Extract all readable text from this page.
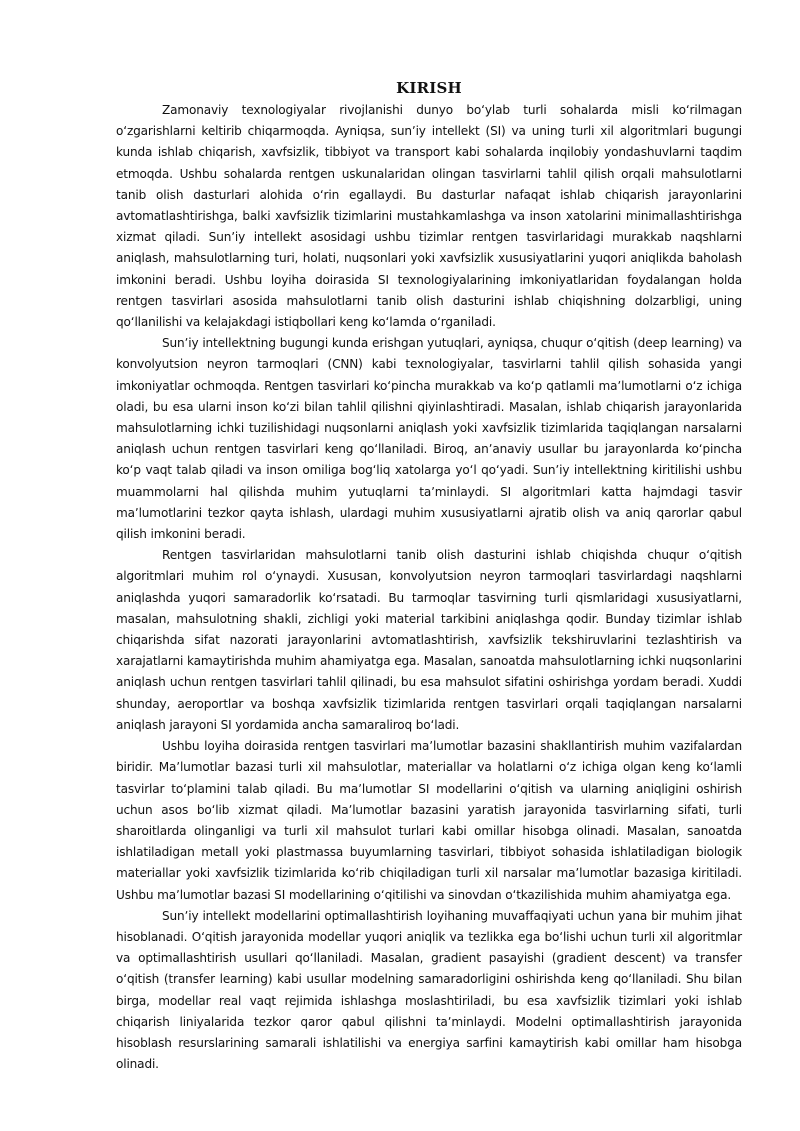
KIRISH

Zamonaviy texnologiyalar rivojlanishi dunyo boʻylab turli sohalarda misli koʻrilmagan oʻzgarishlarni keltirib chiqarmoqda. Ayniqsa, sunʼiy intellekt (SI) va uning turli xil algoritmlari bugungi kunda ishlab chiqarish, xavfsizlik, tibbiyot va transport kabi sohalarda inqilobiy yondashuvlarni taqdim etmoqda. Ushbu sohalarda rentgen uskunalaridan olingan tasvirlarni tahlil qilish orqali mahsulotlarni tanib olish dasturlari alohida oʻrin egallaydi. Bu dasturlar nafaqat ishlab chiqarish jarayonlarini avtomatlashtirishga, balki xavfsizlik tizimlarini mustahkamlashga va inson xatolarini minimallashtirishga xizmat qiladi. Sunʼiy intellekt asosidagi ushbu tizimlar rentgen tasvirlaridagi murakkab naqshlarni aniqlash, mahsulotlarning turi, holati, nuqsonlari yoki xavfsizlik xususiyatlarini yuqori aniqlikda baholash imkonini beradi. Ushbu loyiha doirasida SI texnologiyalarining imkoniyatlaridan foydalangan holda rentgen tasvirlari asosida mahsulotlarni tanib olish dasturini ishlab chiqishning dolzarbligi, uning qoʻllanilishi va kelajakdagi istiqbollari keng koʻlamda oʻrganiladi.

Sunʼiy intellektning bugungi kunda erishgan yutuqlari, ayniqsa, chuqur oʻqitish (deep learning) va konvolyutsion neyron tarmoqlari (CNN) kabi texnologiyalar, tasvirlarni tahlil qilish sohasida yangi imkoniyatlar ochmoqda. Rentgen tasvirlari koʻpincha murakkab va koʻp qatlamli maʼlumotlarni oʻz ichiga oladi, bu esa ularni inson koʻzi bilan tahlil qilishni qiyinlashtiradi. Masalan, ishlab chiqarish jarayonlarida mahsulotlarning ichki tuzilishidagi nuqsonlarni aniqlash yoki xavfsizlik tizimlarida taqiqlangan narsalarni aniqlash uchun rentgen tasvirlari keng qoʻllaniladi. Biroq, anʼanaviy usullar bu jarayonlarda koʻpincha koʻp vaqt talab qiladi va inson omiliga bogʻliq xatolarga yoʻl qoʻyadi. Sunʼiy intellektning kiritilishi ushbu muammolarni hal qilishda muhim yutuqlarni taʼminlaydi. SI algoritmlari katta hajmdagi tasvir maʼlumotlarini tezkor qayta ishlash, ulardagi muhim xususiyatlarni ajratib olish va aniq qarorlar qabul qilish imkonini beradi.

Rentgen tasvirlaridan mahsulotlarni tanib olish dasturini ishlab chiqishda chuqur oʻqitish algoritmlari muhim rol oʻynaydi. Xususan, konvolyutsion neyron tarmoqlari tasvirlardagi naqshlarni aniqlashda yuqori samaradorlik koʻrsatadi. Bu tarmoqlar tasvirning turli qismlaridagi xususiyatlarni, masalan, mahsulotning shakli, zichligi yoki material tarkibini aniqlashga qodir. Bunday tizimlar ishlab chiqarishda sifat nazorati jarayonlarini avtomatlashtirish, xavfsizlik tekshiruvlarini tezlashtirish va xarajatlarni kamaytirishda muhim ahamiyatga ega. Masalan, sanoatda mahsulotlarning ichki nuqsonlarini aniqlash uchun rentgen tasvirlari tahlil qilinadi, bu esa mahsulot sifatini oshirishga yordam beradi. Xuddi shunday, aeroportlar va boshqa xavfsizlik tizimlarida rentgen tasvirlari orqali taqiqlangan narsalarni aniqlash jarayoni SI yordamida ancha samaraliroq boʻladi.

Ushbu loyiha doirasida rentgen tasvirlari maʼlumotlar bazasini shakllantirish muhim vazifalardan biridir. Maʼlumotlar bazasi turli xil mahsulotlar, materiallar va holatlarni oʻz ichiga olgan keng koʻlamli tasvirlar toʻplamini talab qiladi. Bu maʼlumotlar SI modellarini oʻqitish va ularning aniqligini oshirish uchun asos boʻlib xizmat qiladi. Maʼlumotlar bazasini yaratish jarayonida tasvirlarning sifati, turli sharoitlarda olinganligi va turli xil mahsulot turlari kabi omillar hisobga olinadi. Masalan, sanoatda ishlatiladigan metall yoki plastmassa buyumlarning tasvirlari, tibbiyot sohasida ishlatiladigan biologik materiallar yoki xavfsizlik tizimlarida koʻrib chiqiladigan turli xil narsalar maʼlumotlar bazasiga kiritiladi. Ushbu maʼlumotlar bazasi SI modellarining oʻqitilishi va sinovdan oʻtkazilishida muhim ahamiyatga ega.

Sunʼiy intellekt modellarini optimallashtirish loyihaning muvaffaqiyati uchun yana bir muhim jihat hisoblanadi. Oʻqitish jarayonida modellar yuqori aniqlik va tezlikka ega boʻlishi uchun turli xil algoritmlar va optimallashtirish usullari qoʻllaniladi. Masalan, gradient pasayishi (gradient descent) va transfer oʻqitish (transfer learning) kabi usullar modelning samaradorligini oshirishda keng qoʻllaniladi. Shu bilan birga, modellar real vaqt rejimida ishlashga moslashtiriladi, bu esa xavfsizlik tizimlari yoki ishlab chiqarish liniyalarida tezkor qaror qabul qilishni taʼminlaydi. Modelni optimallashtirish jarayonida hisoblash resurslarining samarali ishlatilishi va energiya sarfini kamaytirish kabi omillar ham hisobga olinadi.
